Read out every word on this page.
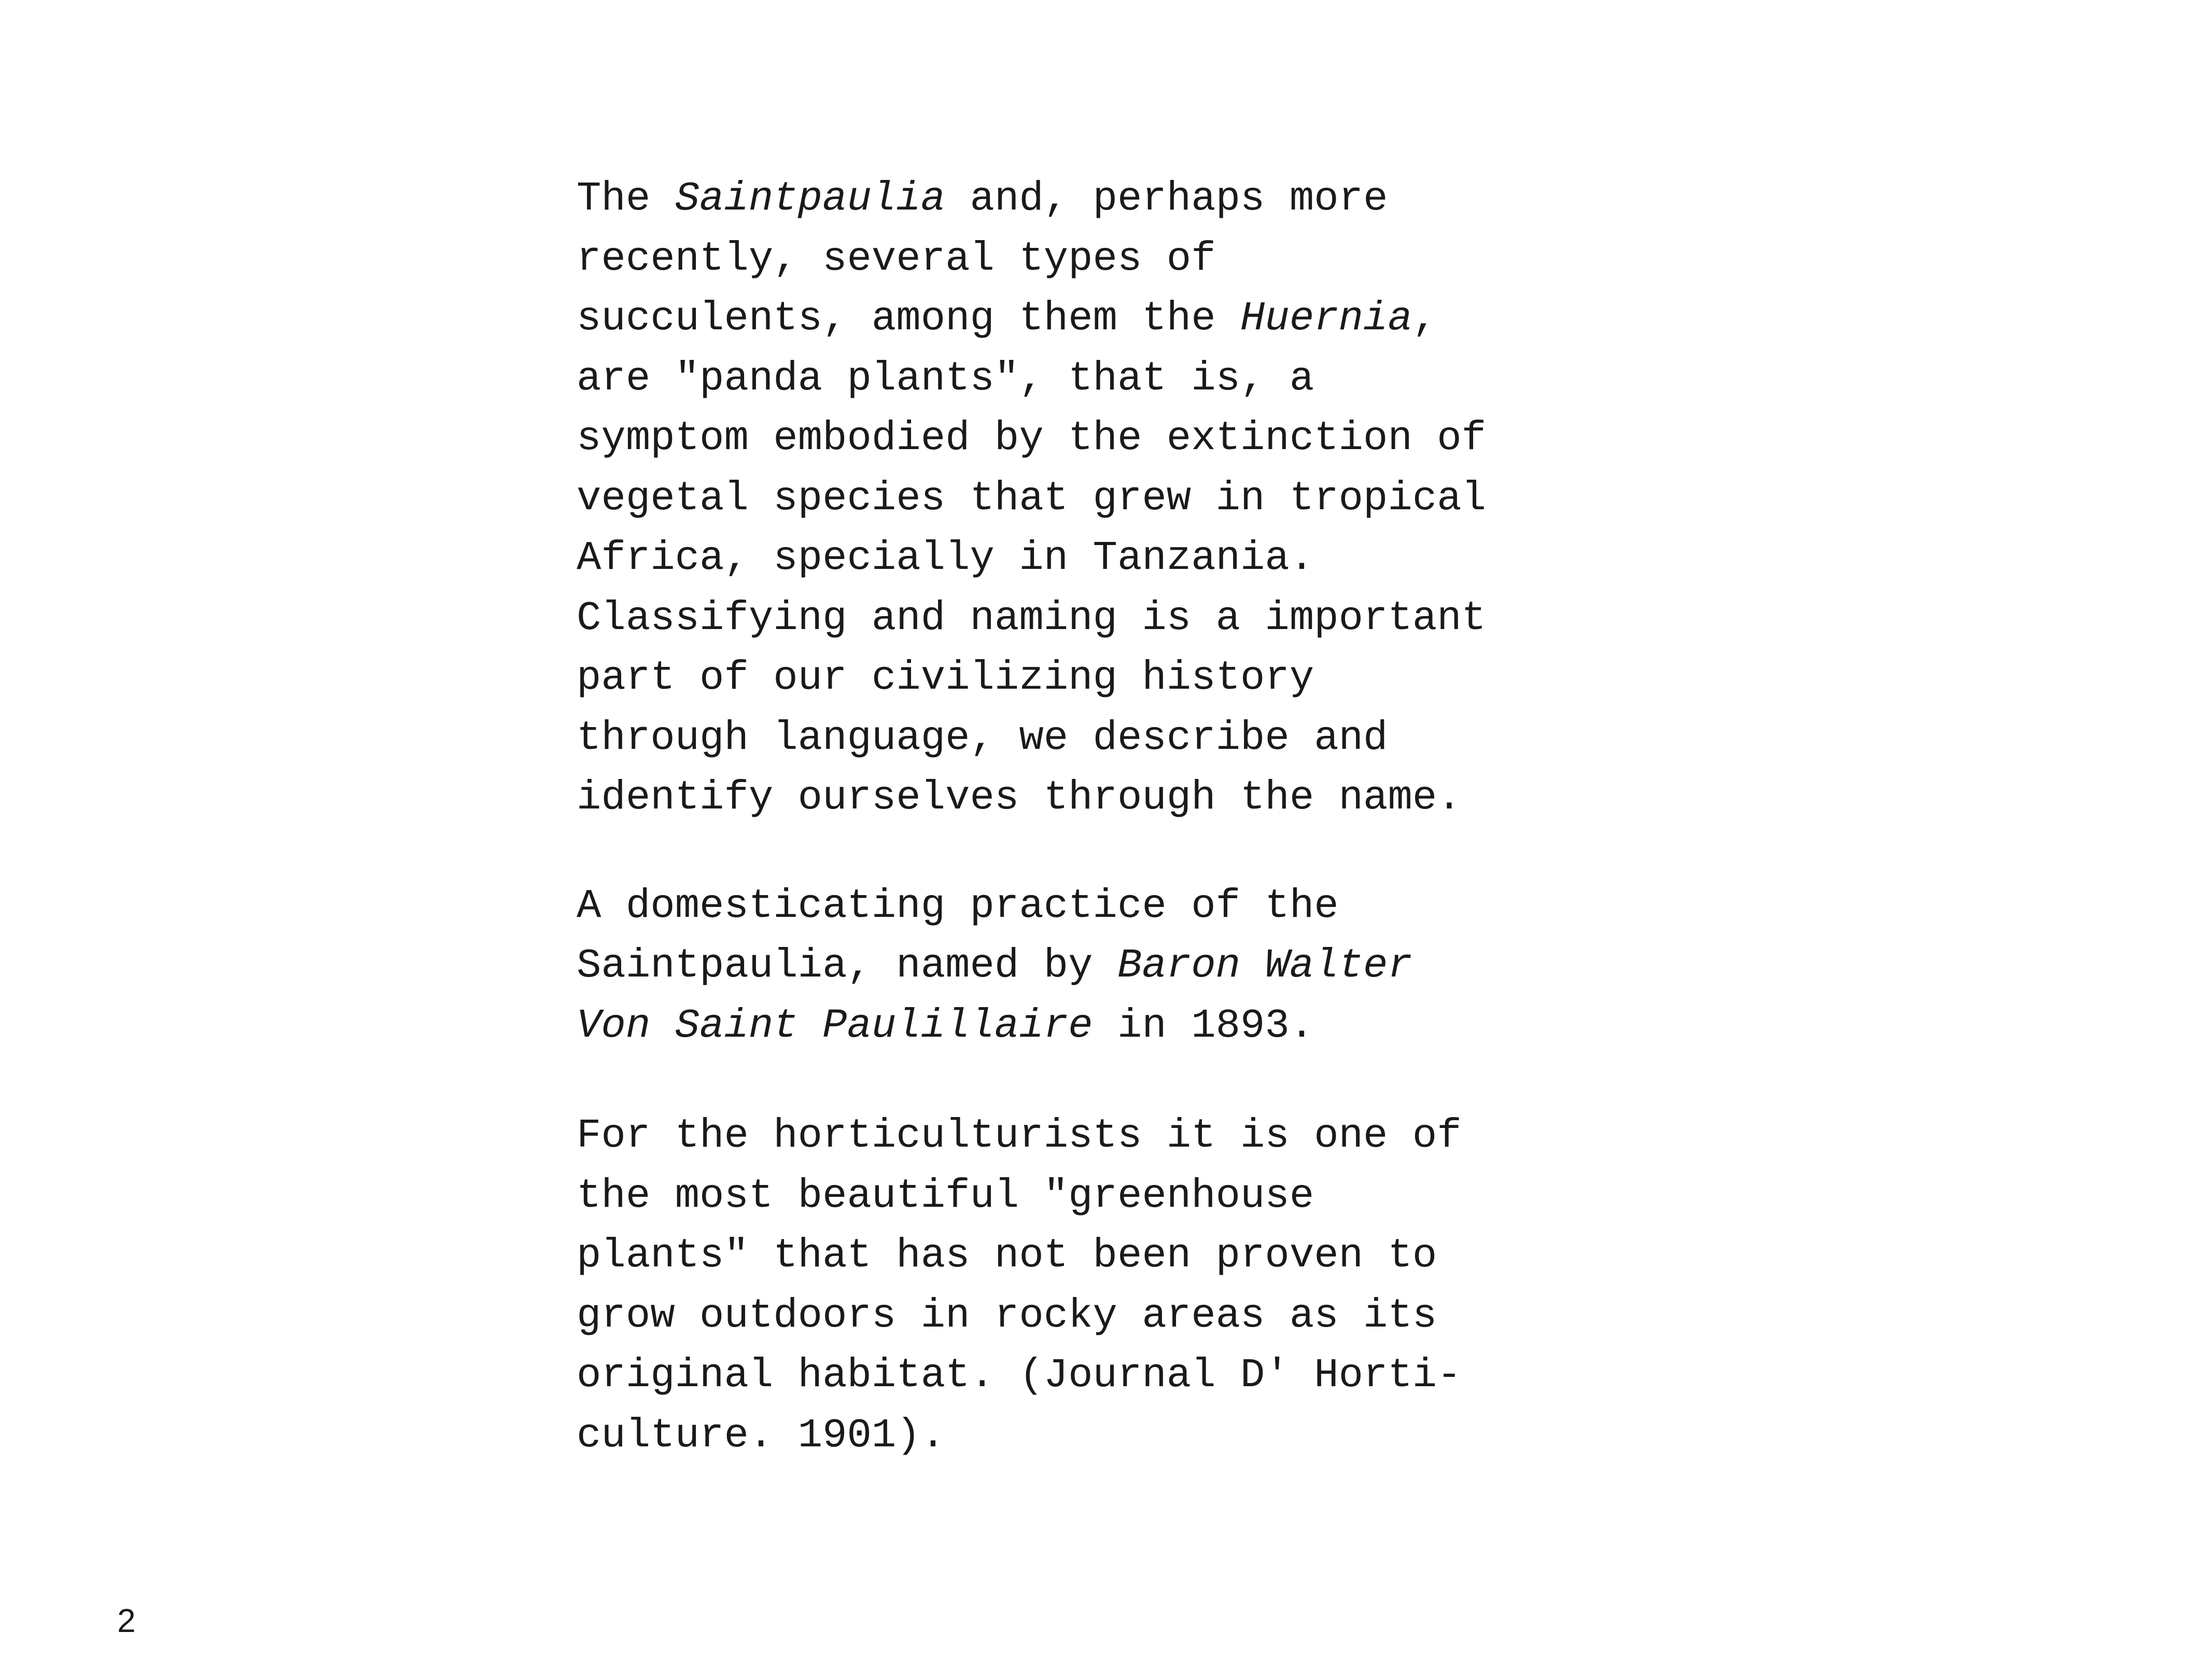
The Saintpaulia and, perhaps more
recently, several types of
succulents, among them the Huernia,
are "panda plants", that is, a
symptom embodied by the extinction of
vegetal species that grew in tropical
Africa, specially in Tanzania.
Classifying and naming is a important
part of our civilizing history
through language, we describe and
identify ourselves through the name.
A domesticating practice of the
Saintpaulia, named by Baron Walter
Von Saint Paulillaire in 1893.
For the horticulturists it is one of
the most beautiful "greenhouse
plants" that has not been proven to
grow outdoors in rocky areas as its
original habitat. (Journal D' Horti-
culture. 1901).
2
